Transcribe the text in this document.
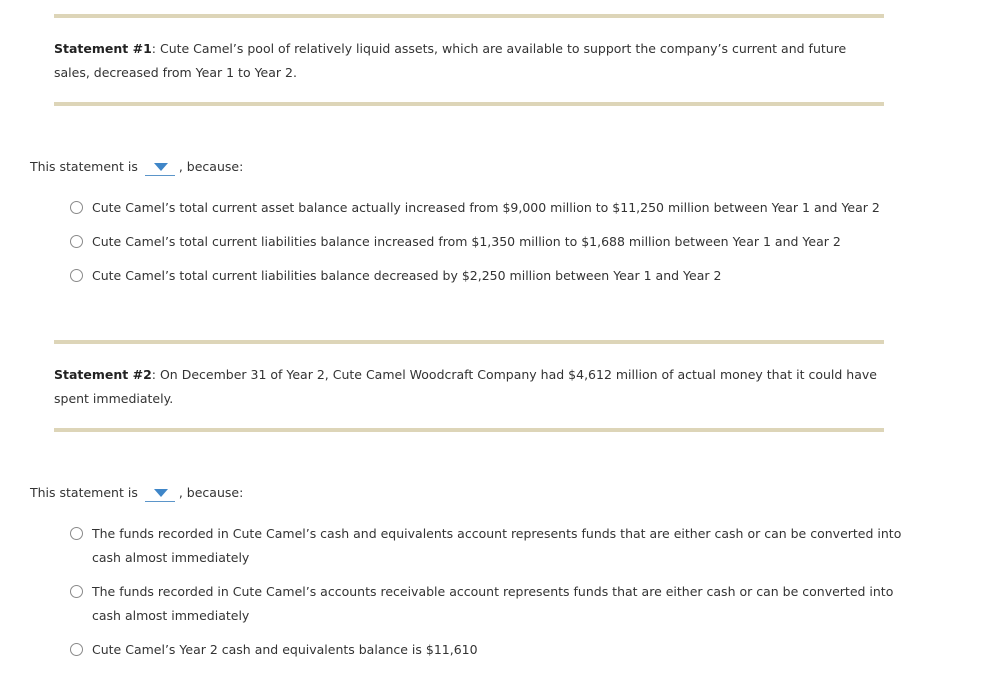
Statement #1: Cute Camel’s pool of relatively liquid assets, which are available to support the company’s current and future sales, decreased from Year 1 to Year 2.
This statement is	, because:
Cute Camel’s total current asset balance actually increased from $9,000 million to $11,250 million between Year 1 and Year 2
Cute Camel’s total current liabilities balance increased from $1,350 million to $1,688 million between Year 1 and Year 2
Cute Camel’s total current liabilities balance decreased by $2,250 million between Year 1 and Year 2
Statement #2: On December 31 of Year 2, Cute Camel Woodcraft Company had $4,612 million of actual money that it could have spent immediately.
This statement is	, because:
The funds recorded in Cute Camel’s cash and equivalents account represents funds that are either cash or can be converted into cash almost immediately
The funds recorded in Cute Camel’s accounts receivable account represents funds that are either cash or can be converted into cash almost immediately
Cute Camel’s Year 2 cash and equivalents balance is $11,610
